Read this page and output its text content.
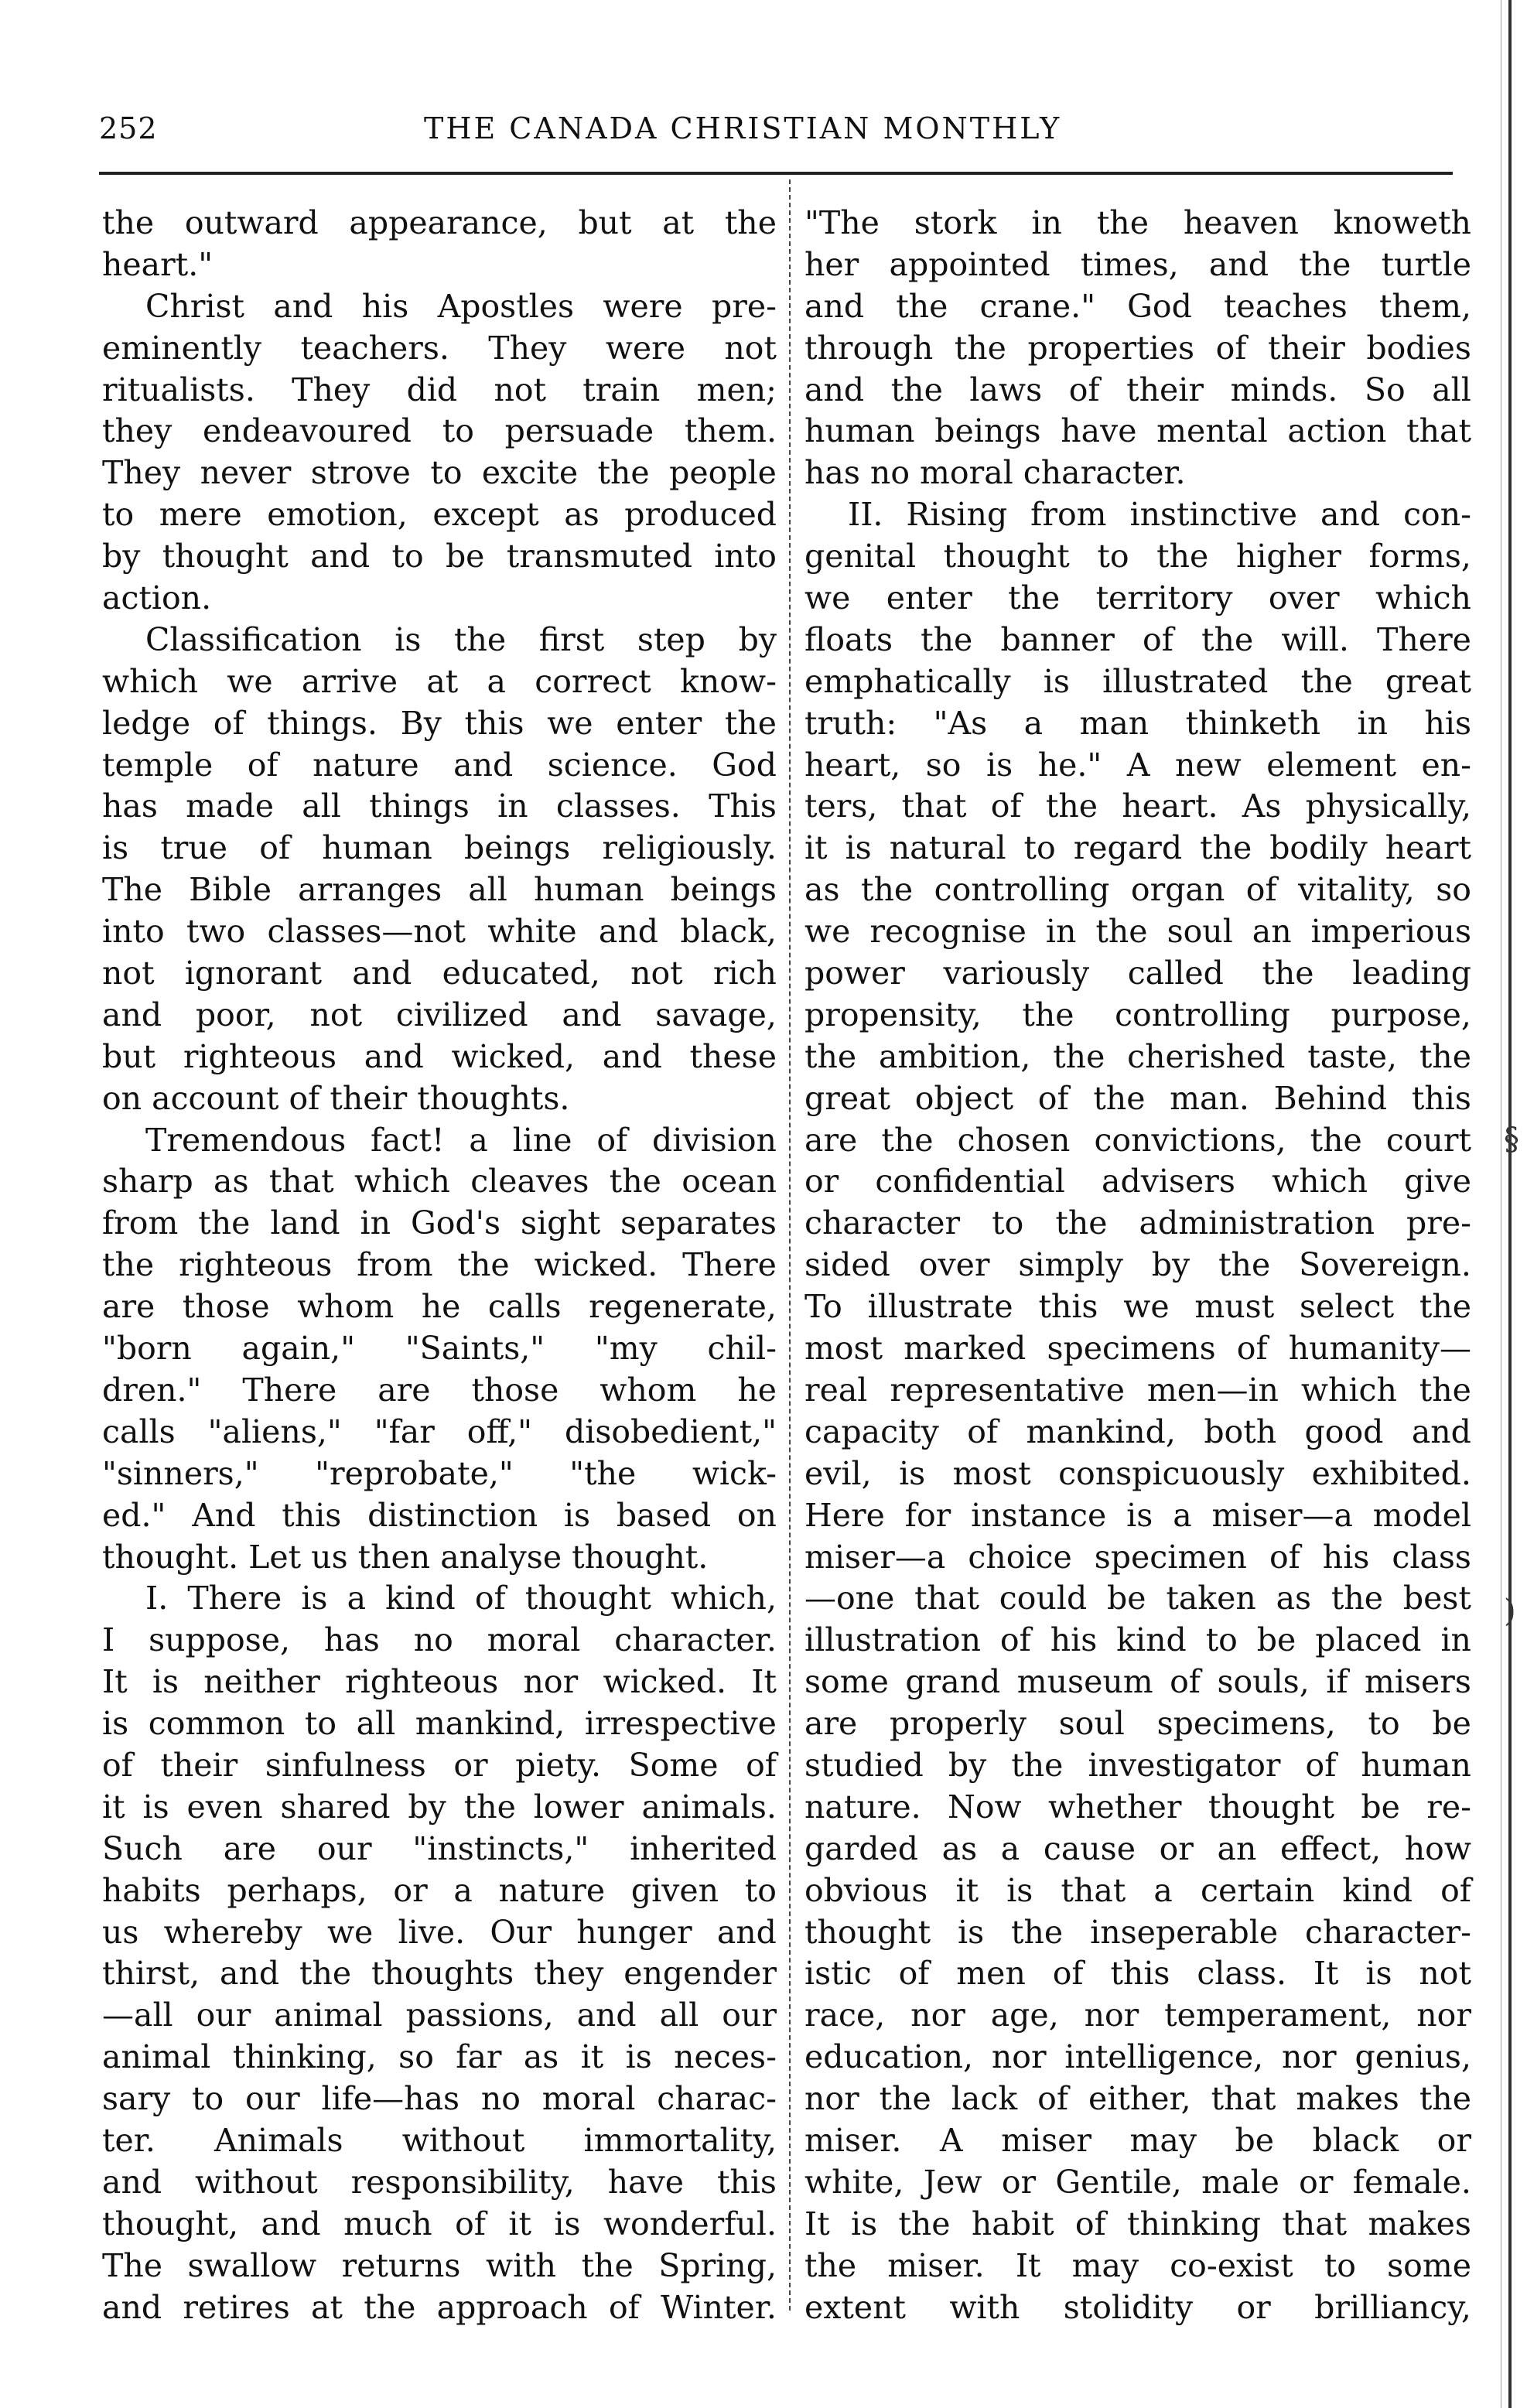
252	THE CANADA CHRISTIAN MONTHLY
§
)
the outward appearance, but at the
heart."
Christ and his Apostles were pre-
eminently teachers. They were not
ritualists. They did not train men;
they endeavoured to persuade them.
They never strove to excite the people
to mere emotion, except as produced
by thought and to be transmuted into
action.
Classification is the first step by
which we arrive at a correct know-
ledge of things. By this we enter the
temple of nature and science. God
has made all things in classes. This
is true of human beings religiously.
The Bible arranges all human beings
into two classes—not white and black,
not ignorant and educated, not rich
and poor, not civilized and savage,
but righteous and wicked, and these
on account of their thoughts.
Tremendous fact! a line of division
sharp as that which cleaves the ocean
from the land in God's sight separates
the righteous from the wicked. There
are those whom he calls regenerate,
"born again," "Saints," "my chil-
dren." There are those whom he
calls "aliens," "far off," disobedient,"
"sinners," "reprobate," "the wick-
ed." And this distinction is based on
thought. Let us then analyse thought.
I. There is a kind of thought which,
I suppose, has no moral character.
It is neither righteous nor wicked. It
is common to all mankind, irrespective
of their sinfulness or piety. Some of
it is even shared by the lower animals.
Such are our "instincts," inherited
habits perhaps, or a nature given to
us whereby we live. Our hunger and
thirst, and the thoughts they engender
—all our animal passions, and all our
animal thinking, so far as it is neces-
sary to our life—has no moral charac-
ter. Animals without immortality,
and without responsibility, have this
thought, and much of it is wonderful.
The swallow returns with the Spring,
and retires at the approach of Winter.
"The stork in the heaven knoweth
her appointed times, and the turtle
and the crane." God teaches them,
through the properties of their bodies
and the laws of their minds. So all
human beings have mental action that
has no moral character.
II. Rising from instinctive and con-
genital thought to the higher forms,
we enter the territory over which
floats the banner of the will. There
emphatically is illustrated the great
truth: "As a man thinketh in his
heart, so is he." A new element en-
ters, that of the heart. As physically,
it is natural to regard the bodily heart
as the controlling organ of vitality, so
we recognise in the soul an imperious
power variously called the leading
propensity, the controlling purpose,
the ambition, the cherished taste, the
great object of the man. Behind this
are the chosen convictions, the court
or confidential advisers which give
character to the administration pre-
sided over simply by the Sovereign.
To illustrate this we must select the
most marked specimens of humanity—
real representative men—in which the
capacity of mankind, both good and
evil, is most conspicuously exhibited.
Here for instance is a miser—a model
miser—a choice specimen of his class
—one that could be taken as the best
illustration of his kind to be placed in
some grand museum of souls, if misers
are properly soul specimens, to be
studied by the investigator of human
nature. Now whether thought be re-
garded as a cause or an effect, how
obvious it is that a certain kind of
thought is the inseperable character-
istic of men of this class. It is not
race, nor age, nor temperament, nor
education, nor intelligence, nor genius,
nor the lack of either, that makes the
miser. A miser may be black or
white, Jew or Gentile, male or female.
It is the habit of thinking that makes
the miser. It may co-exist to some
extent with stolidity or brilliancy,
